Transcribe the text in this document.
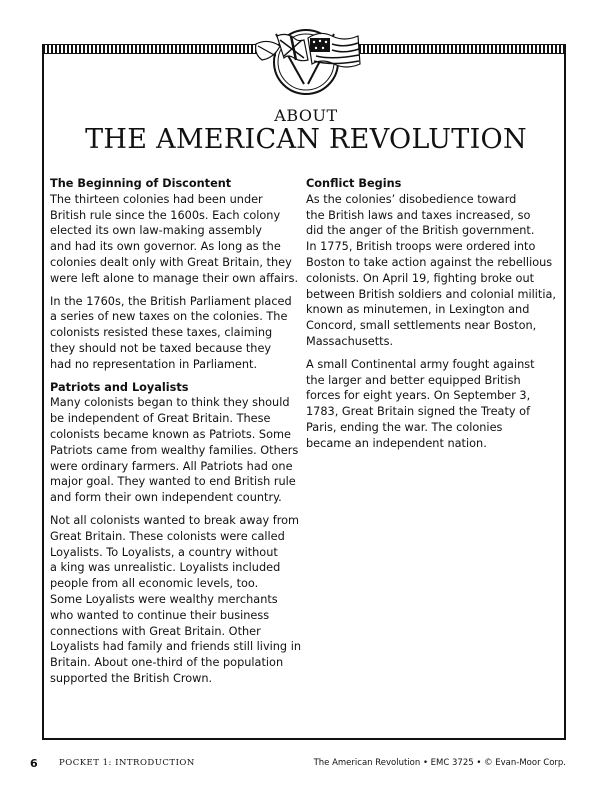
ABOUT
THE AMERICAN REVOLUTION
The Beginning of Discontent

The thirteen colonies had been under
British rule since the 1600s. Each colony
elected its own law-making assembly
and had its own governor. As long as the
colonies dealt only with Great Britain, they
were left alone to manage their own affairs.

In the 1760s, the British Parliament placed
a series of new taxes on the colonies. The
colonists resisted these taxes, claiming
they should not be taxed because they
had no representation in Parliament.

Patriots and Loyalists

Many colonists began to think they should
be independent of Great Britain. These
colonists became known as Patriots. Some
Patriots came from wealthy families. Others
were ordinary farmers. All Patriots had one
major goal. They wanted to end British rule
and form their own independent country.

Not all colonists wanted to break away from
Great Britain. These colonists were called
Loyalists. To Loyalists, a country without
a king was unrealistic. Loyalists included
people from all economic levels, too.
Some Loyalists were wealthy merchants
who wanted to continue their business
connections with Great Britain. Other
Loyalists had family and friends still living in
Britain. About one-third of the population
supported the British Crown.

Conflict Begins

As the colonies’ disobedience toward
the British laws and taxes increased, so
did the anger of the British government.
In 1775, British troops were ordered into
Boston to take action against the rebellious
colonists. On April 19, fighting broke out
between British soldiers and colonial militia,
known as minutemen, in Lexington and
Concord, small settlements near Boston,
Massachusetts.

A small Continental army fought against
the larger and better equipped British
forces for eight years. On September 3,
1783, Great Britain signed the Treaty of
Paris, ending the war. The colonies
became an independent nation.

6	POCKET 1: INTRODUCTION	The American Revolution • EMC 3725 • © Evan-Moor Corp.
